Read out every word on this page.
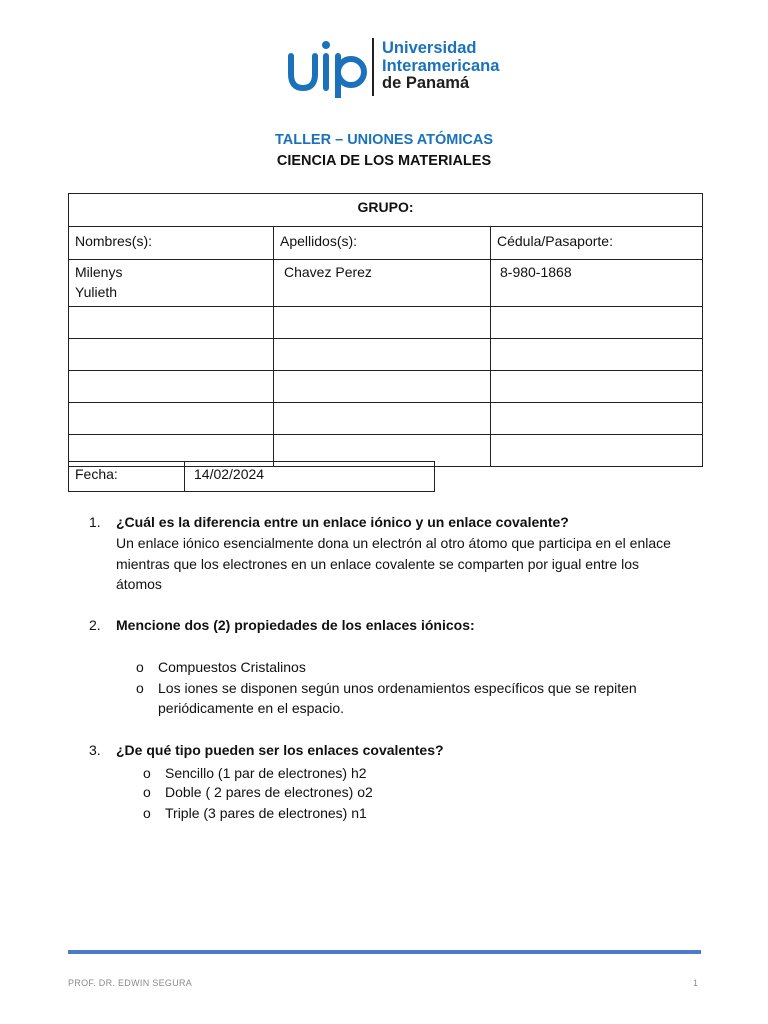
Universidad
Interamericana
de Panamá
TALLER – UNIONES ATÓMICAS
CIENCIA DE LOS MATERIALES
GRUPO:		
Nombres(s):	Apellidos(s):	Cédula/Pasaporte:

Milenys
Yulieth	Chavez Perez	8-980-1868

Fecha:	14/02/2024
1. ¿Cuál es la diferencia entre un enlace iónico y un enlace covalente?
Un enlace iónico esencialmente dona un electrón al otro átomo que participa en el enlace
mientras que los electrones en un enlace covalente se comparten por igual entre los
átomos
2. Mencione dos (2) propiedades de los enlaces iónicos:
o Compuestos Cristalinos
o Los iones se disponen según unos ordenamientos específicos que se repiten
periódicamente en el espacio.
3. ¿De qué tipo pueden ser los enlaces covalentes?
o Sencillo (1 par de electrones) h2
o Doble ( 2 pares de electrones) o2
o Triple (3 pares de electrones) n1
PROF. DR. EDWIN SEGURA	1
